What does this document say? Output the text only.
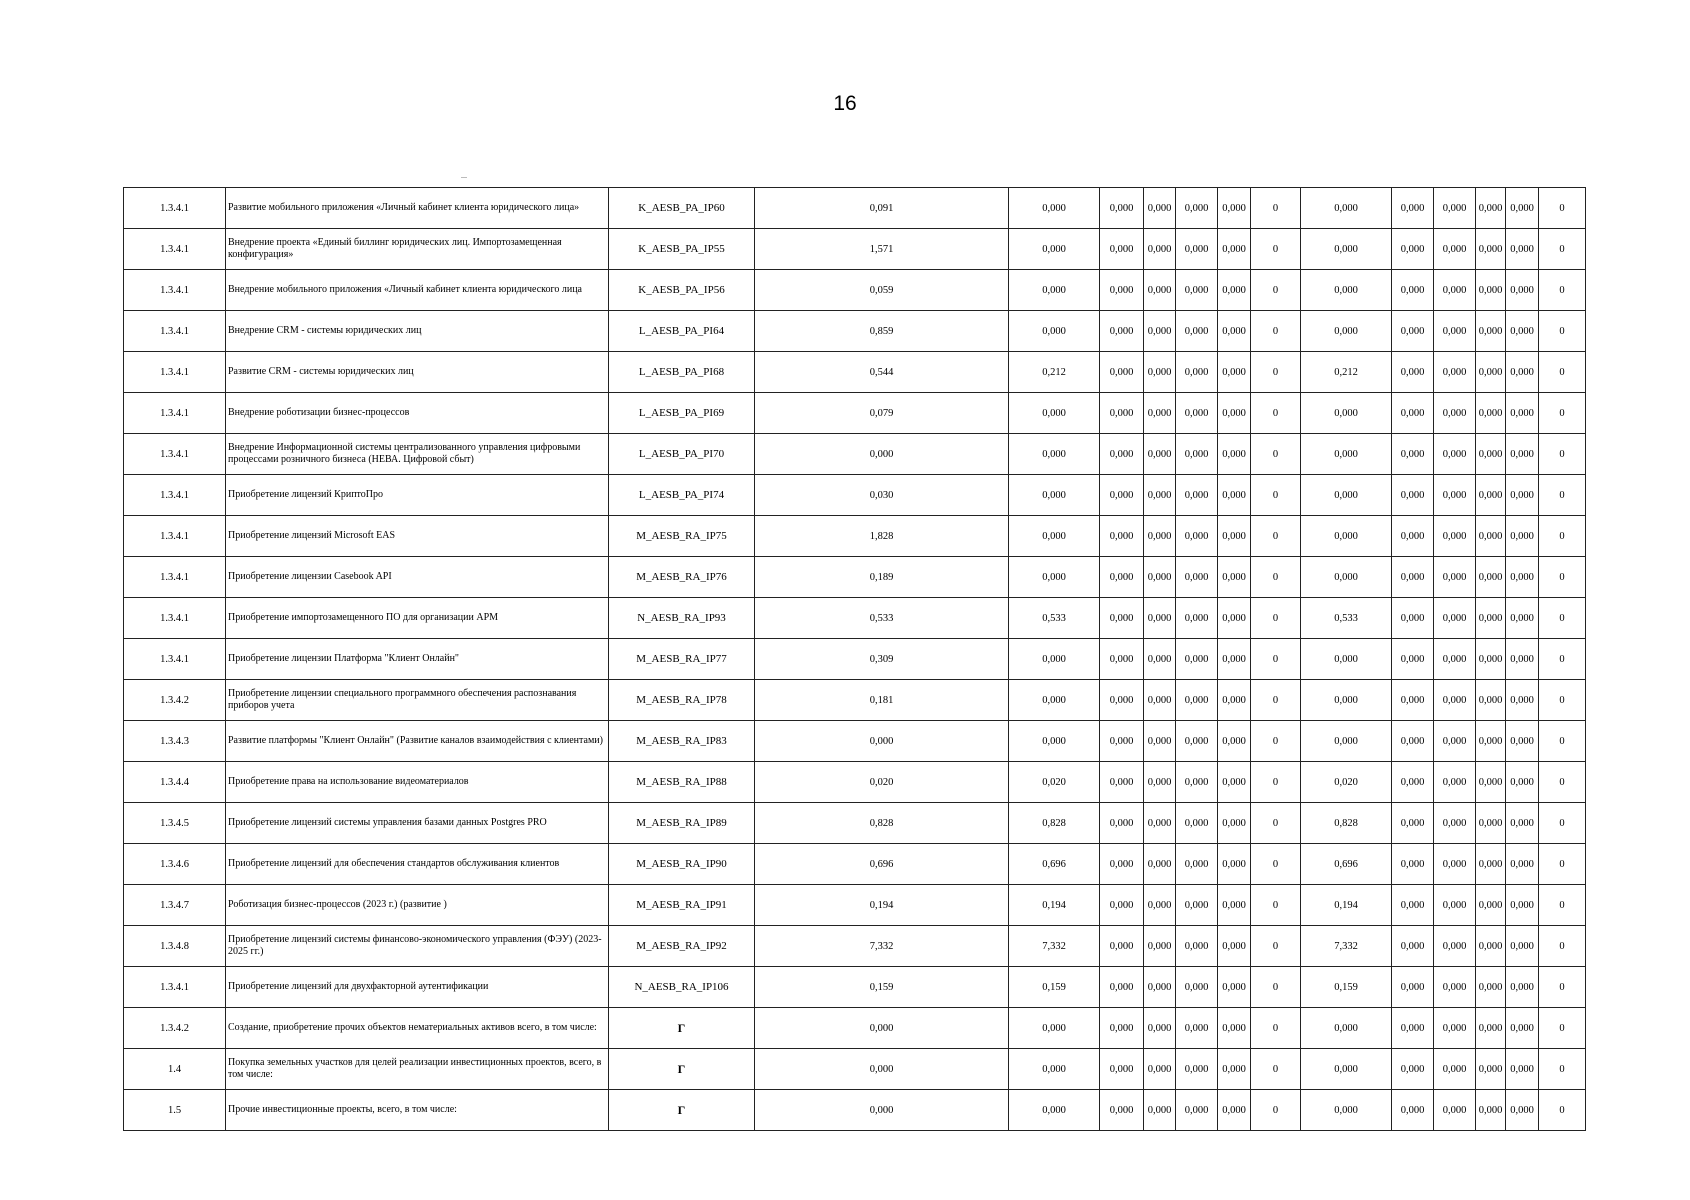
16
1.3.4.1	Развитие мобильного приложения «Личный кабинет клиента юридического лица»	K_AESB_PA_IP60	0,091	0,000	0,000	0,000	0,000	0,000	0	0,000	0,000	0,000	0,000	0,000	0
1.3.4.1	Внедрение проекта «Единый биллинг юридических лиц. Импортозамещенная конфигурация»	K_AESB_PA_IP55	1,571	0,000	0,000	0,000	0,000	0,000	0	0,000	0,000	0,000	0,000	0,000	0
1.3.4.1	Внедрение мобильного приложения «Личный кабинет клиента юридического лица	K_AESB_PA_IP56	0,059	0,000	0,000	0,000	0,000	0,000	0	0,000	0,000	0,000	0,000	0,000	0
1.3.4.1	Внедрение CRM - системы юридических лиц	L_AESB_PA_PI64	0,859	0,000	0,000	0,000	0,000	0,000	0	0,000	0,000	0,000	0,000	0,000	0
1.3.4.1	Развитие CRM - системы юридических лиц	L_AESB_PA_PI68	0,544	0,212	0,000	0,000	0,000	0,000	0	0,212	0,000	0,000	0,000	0,000	0
1.3.4.1	Внедрение роботизации бизнес-процессов	L_AESB_PA_PI69	0,079	0,000	0,000	0,000	0,000	0,000	0	0,000	0,000	0,000	0,000	0,000	0
1.3.4.1	Внедрение Информационной системы централизованного управления цифровыми процессами розничного бизнеса (НЕВА. Цифровой сбыт)	L_AESB_PA_PI70	0,000	0,000	0,000	0,000	0,000	0,000	0	0,000	0,000	0,000	0,000	0,000	0
1.3.4.1	Приобретение лицензий КриптоПро	L_AESB_PA_PI74	0,030	0,000	0,000	0,000	0,000	0,000	0	0,000	0,000	0,000	0,000	0,000	0
1.3.4.1	Приобретение лицензий Microsoft EAS	M_AESB_RA_IP75	1,828	0,000	0,000	0,000	0,000	0,000	0	0,000	0,000	0,000	0,000	0,000	0
1.3.4.1	Приобретение лицензии Casebook API	M_AESB_RA_IP76	0,189	0,000	0,000	0,000	0,000	0,000	0	0,000	0,000	0,000	0,000	0,000	0
1.3.4.1	Приобретение импортозамещенного ПО для организации АРМ	N_AESB_RA_IP93	0,533	0,533	0,000	0,000	0,000	0,000	0	0,533	0,000	0,000	0,000	0,000	0
1.3.4.1	Приобретение лицензии Платформа "Клиент Онлайн"	M_AESB_RA_IP77	0,309	0,000	0,000	0,000	0,000	0,000	0	0,000	0,000	0,000	0,000	0,000	0
1.3.4.2	Приобретение лицензии специального программного обеспечения распознавания приборов учета	M_AESB_RA_IP78	0,181	0,000	0,000	0,000	0,000	0,000	0	0,000	0,000	0,000	0,000	0,000	0
1.3.4.3	Развитие платформы "Клиент Онлайн" (Развитие каналов взаимодействия с клиентами)	M_AESB_RA_IP83	0,000	0,000	0,000	0,000	0,000	0,000	0	0,000	0,000	0,000	0,000	0,000	0
1.3.4.4	Приобретение права на использование видеоматериалов	M_AESB_RA_IP88	0,020	0,020	0,000	0,000	0,000	0,000	0	0,020	0,000	0,000	0,000	0,000	0
1.3.4.5	Приобретение лицензий системы управления базами данных Postgres PRO	M_AESB_RA_IP89	0,828	0,828	0,000	0,000	0,000	0,000	0	0,828	0,000	0,000	0,000	0,000	0
1.3.4.6	Приобретение лицензий для обеспечения стандартов обслуживания клиентов	M_AESB_RA_IP90	0,696	0,696	0,000	0,000	0,000	0,000	0	0,696	0,000	0,000	0,000	0,000	0
1.3.4.7	Роботизация бизнес-процессов (2023 г.) (развитие )	M_AESB_RA_IP91	0,194	0,194	0,000	0,000	0,000	0,000	0	0,194	0,000	0,000	0,000	0,000	0
1.3.4.8	Приобретение лицензий системы финансово-экономического управления (ФЭУ) (2023-2025 гг.)	M_AESB_RA_IP92	7,332	7,332	0,000	0,000	0,000	0,000	0	7,332	0,000	0,000	0,000	0,000	0
1.3.4.1	Приобретение лицензий для двухфакторной аутентификации	N_AESB_RA_IP106	0,159	0,159	0,000	0,000	0,000	0,000	0	0,159	0,000	0,000	0,000	0,000	0
1.3.4.2	Создание, приобретение прочих объектов нематериальных активов всего, в том числе:	Г	0,000	0,000	0,000	0,000	0,000	0,000	0	0,000	0,000	0,000	0,000	0,000	0
1.4	Покупка земельных участков для целей реализации инвестиционных проектов, всего, в том числе:	Г	0,000	0,000	0,000	0,000	0,000	0,000	0	0,000	0,000	0,000	0,000	0,000	0
1.5	Прочие инвестиционные проекты, всего, в том числе:	Г	0,000	0,000	0,000	0,000	0,000	0,000	0	0,000	0,000	0,000	0,000	0,000	0
